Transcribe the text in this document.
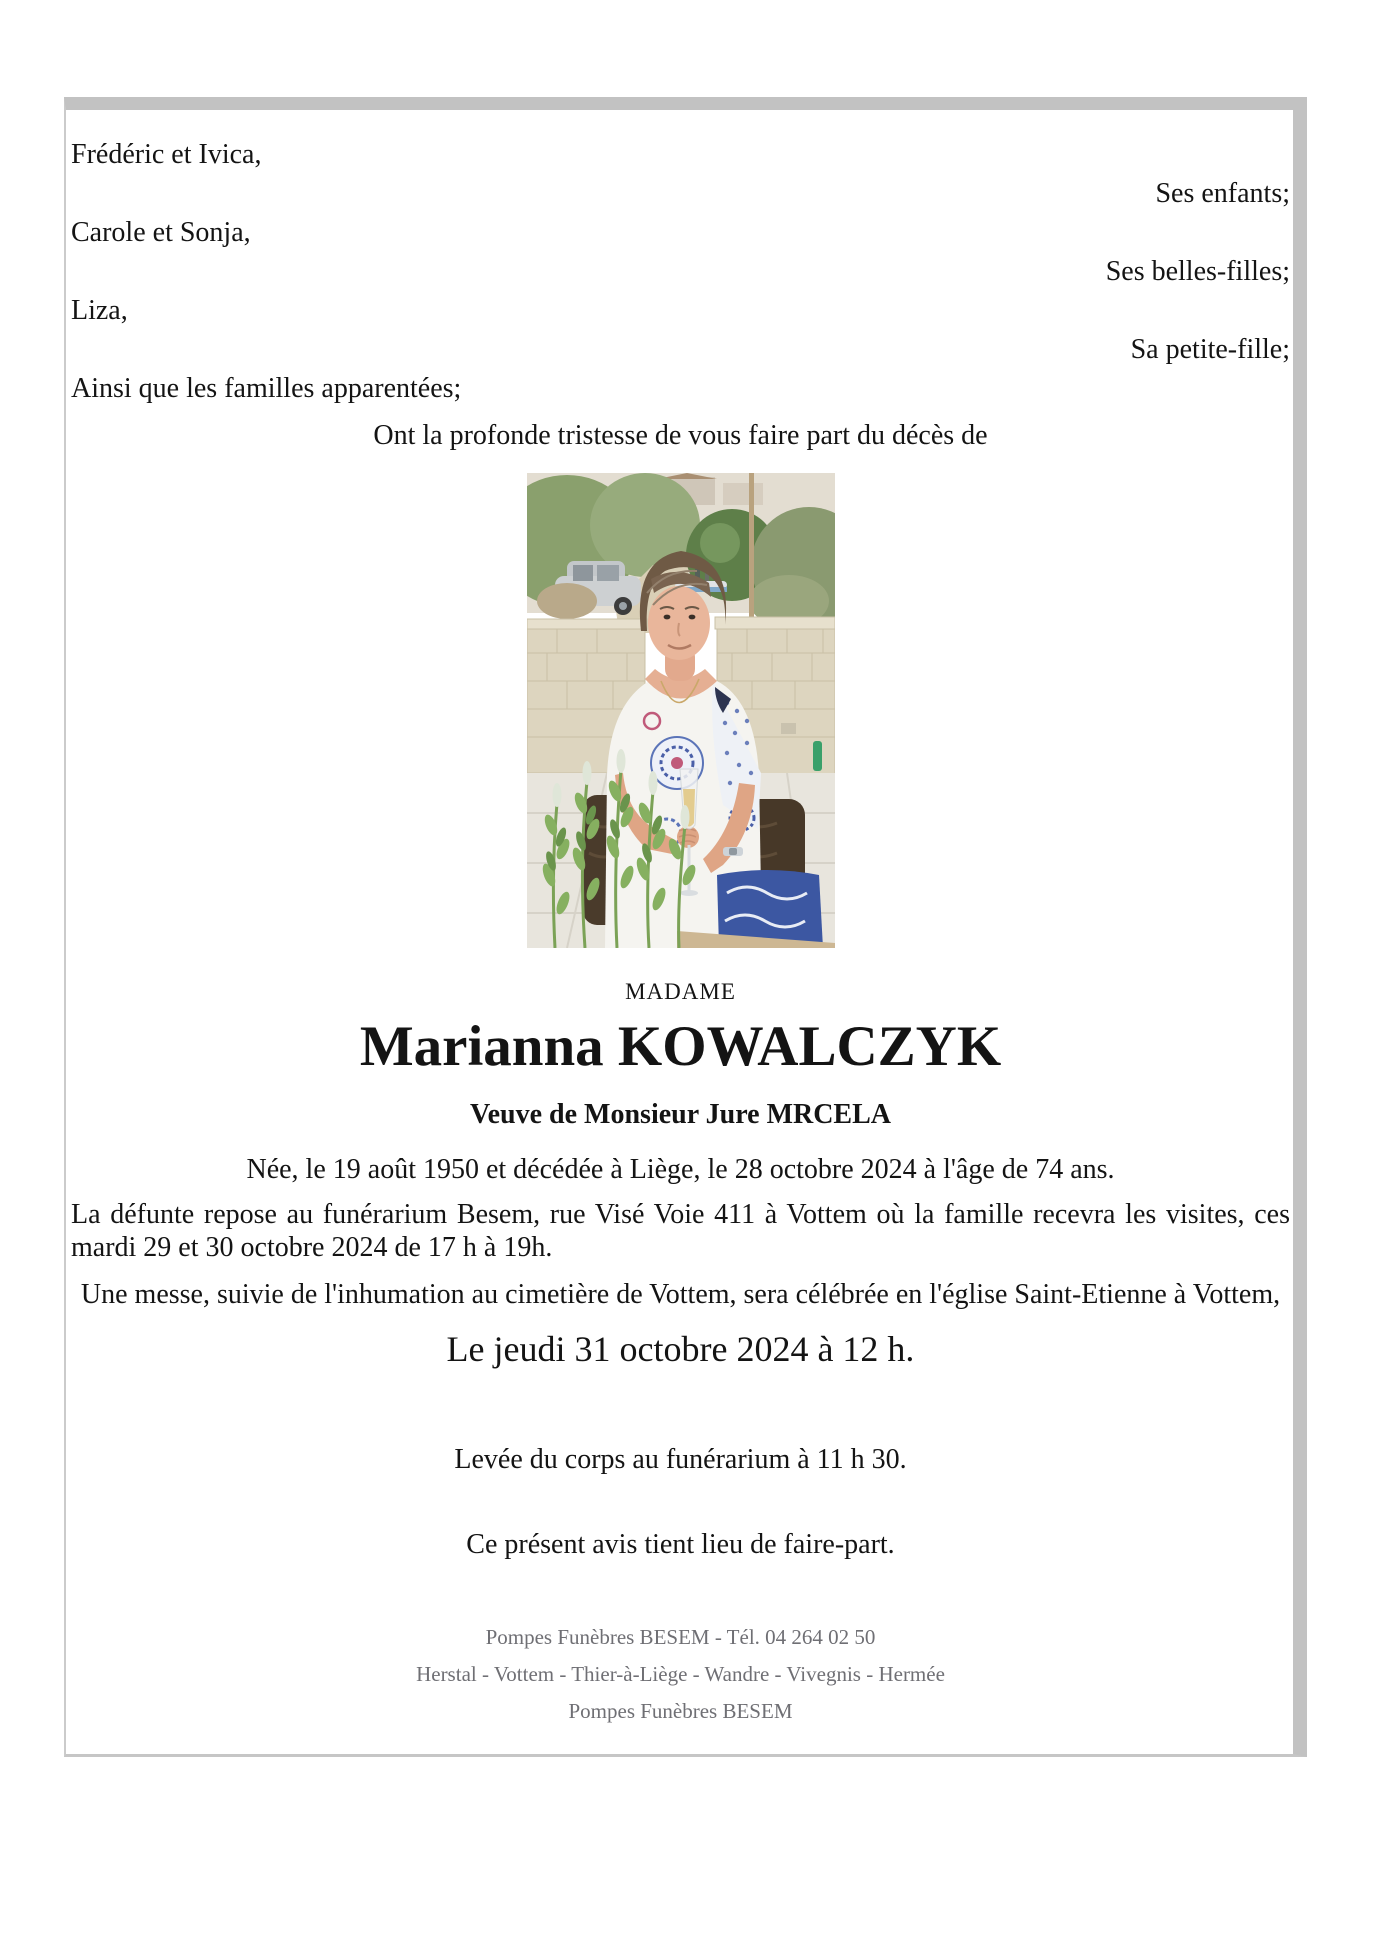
Frédéric et Ivica,

Ses enfants;

Carole et Sonja,

Ses belles-filles;

Liza,

Sa petite-fille;

Ainsi que les familles apparentées;

Ont la profonde tristesse de vous faire part du décès de

MADAME

Marianna KOWALCZYK

Veuve de Monsieur Jure MRCELA

Née, le 19 août 1950 et décédée à Liège, le 28 octobre 2024 à l'âge de 74 ans.

La défunte repose au funérarium Besem, rue Visé Voie 411 à Vottem où la famille recevra les visites, ces mardi 29 et 30 octobre 2024 de 17 h à 19h.

Une messe, suivie de l'inhumation au cimetière de Vottem, sera célébrée en l'église Saint-Etienne à Vottem,

Le jeudi 31 octobre 2024 à 12 h.

Levée du corps au funérarium à 11 h 30.

Ce présent avis tient lieu de faire-part.

Pompes Funèbres BESEM - Tél. 04 264 02 50

Herstal - Vottem - Thier-à-Liège - Wandre - Vivegnis - Hermée

Pompes Funèbres BESEM
